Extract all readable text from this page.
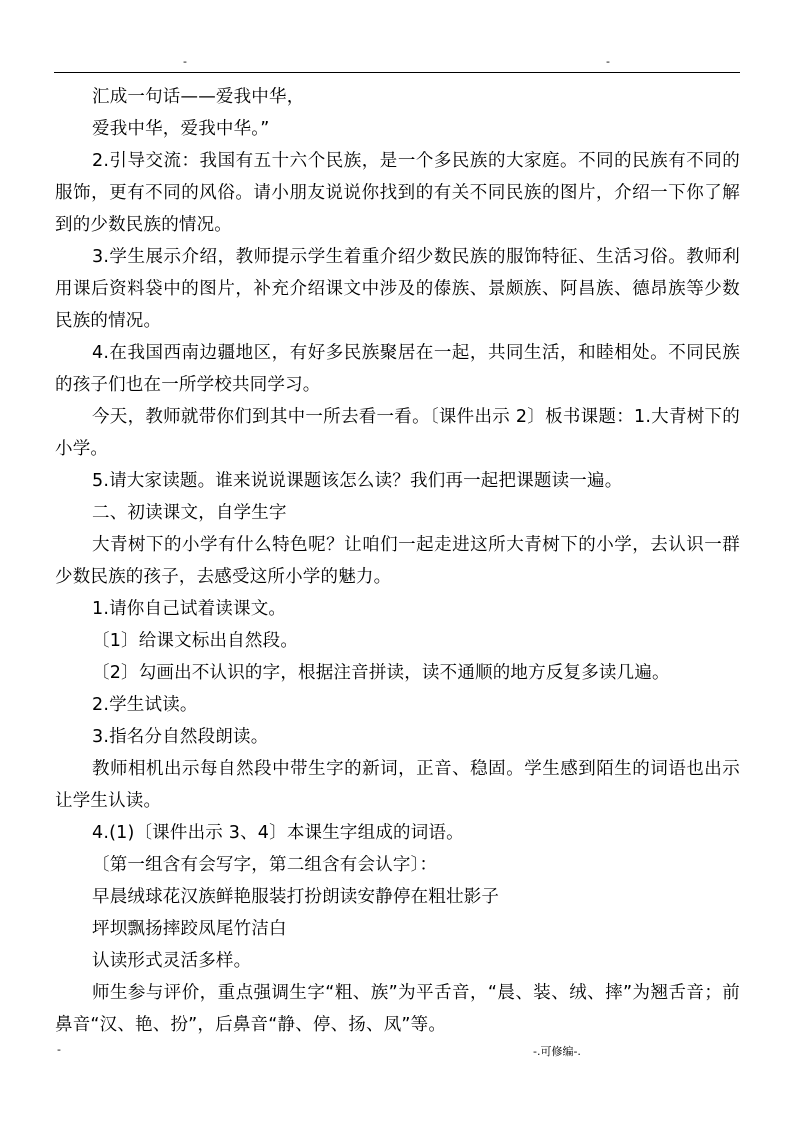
-	-

汇成一句话——爱我中华，

爱我中华，爱我中华。”

2.引导交流：我国有五十六个民族，是一个多民族的大家庭。不同的民族有不同的服饰，更有不同的风俗。请小朋友说说你找到的有关不同民族的图片，介绍一下你了解到的少数民族的情况。

3.学生展示介绍，教师提示学生着重介绍少数民族的服饰特征、生活习俗。教师利用课后资料袋中的图片，补充介绍课文中涉及的傣族、景颇族、阿昌族、德昂族等少数民族的情况。

4.在我国西南边疆地区，有好多民族聚居在一起，共同生活，和睦相处。不同民族的孩子们也在一所学校共同学习。

今天，教师就带你们到其中一所去看一看。〔课件出示 2〕板书课题：1.大青树下的小学。

5.请大家读题。谁来说说课题该怎么读？我们再一起把课题读一遍。

二、初读课文，自学生字

大青树下的小学有什么特色呢？让咱们一起走进这所大青树下的小学，去认识一群少数民族的孩子，去感受这所小学的魅力。

1.请你自己试着读课文。

〔1〕给课文标出自然段。

〔2〕勾画出不认识的字，根据注音拼读，读不通顺的地方反复多读几遍。

2.学生试读。

3.指名分自然段朗读。

教师相机出示每自然段中带生字的新词，正音、稳固。学生感到陌生的词语也出示让学生认读。

4.(1)〔课件出示 3、4〕本课生字组成的词语。

〔第一组含有会写字，第二组含有会认字〕：

早晨绒球花汉族鲜艳服装打扮朗读安静停在粗壮影子

坪坝飘扬摔跤凤尾竹洁白

认读形式灵活多样。

师生参与评价，重点强调生字“粗、族”为平舌音，“晨、装、绒、摔”为翘舌音；前鼻音“汉、艳、扮”，后鼻音“静、停、扬、凤”等。

-	-.可修编-.
